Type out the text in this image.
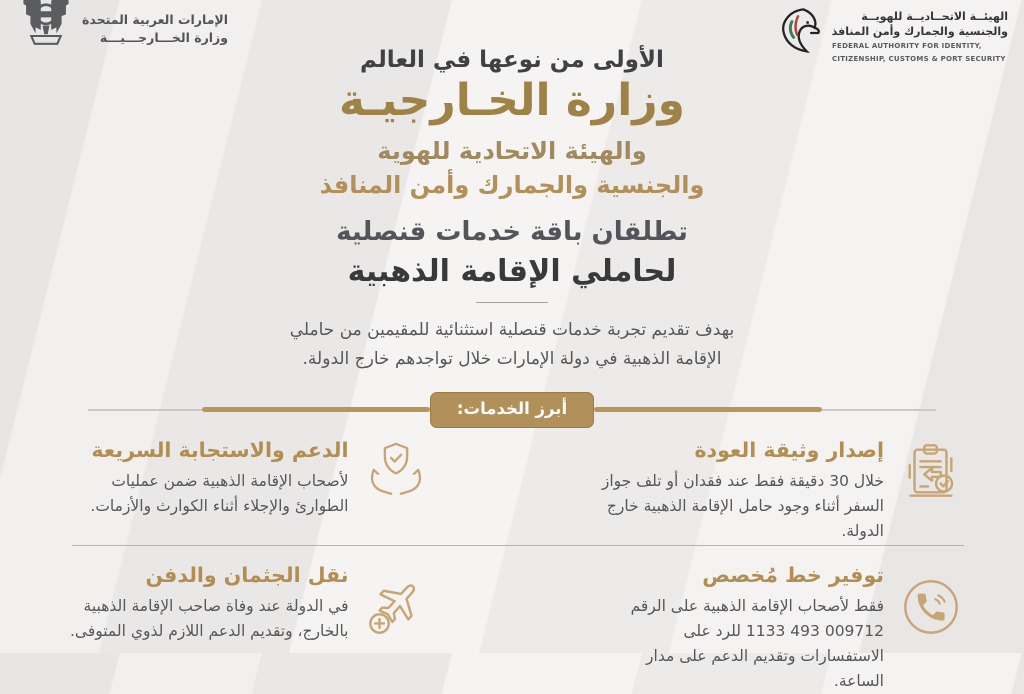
الإمارات العربية المتحدة
وزارة الخـــارجـــيـــة
الهيئــة الاتحــاديــة للهويــة
والجنسية والجمارك وأمن المنافذ
FEDERAL AUTHORITY FOR IDENTITY,
CITIZENSHIP, CUSTOMS & PORT SECURITY
الأولى من نوعها في العالم
وزارة الخـارجيـة
والهيئة الاتحادية للهوية
والجنسية والجمارك وأمن المنافذ
تطلقان باقة خدمات قنصلية
لحاملي الإقامة الذهبية
بهدف تقديم تجربة خدمات قنصلية استثنائية للمقيمين من حاملي الإقامة الذهبية في دولة الإمارات خلال تواجدهم خارج الدولة.
أبرز الخدمات:
إصدار وثيقة العودة
خلال 30 دقيقة فقط عند فقدان أو تلف جواز السفر أثناء وجود حامل الإقامة الذهبية خارج الدولة.
الدعم والاستجابة السريعة
لأصحاب الإقامة الذهبية ضمن عمليات الطوارئ والإجلاء أثناء الكوارث والأزمات.
توفير خط مُخصص
فقط لأصحاب الإقامة الذهبية على الرقم 009712 493 1133 للرد على الاستفسارات وتقديم الدعم على مدار الساعة.
نقل الجثمان والدفن
في الدولة عند وفاة صاحب الإقامة الذهبية بالخارج، وتقديم الدعم اللازم لذوي المتوفى.
